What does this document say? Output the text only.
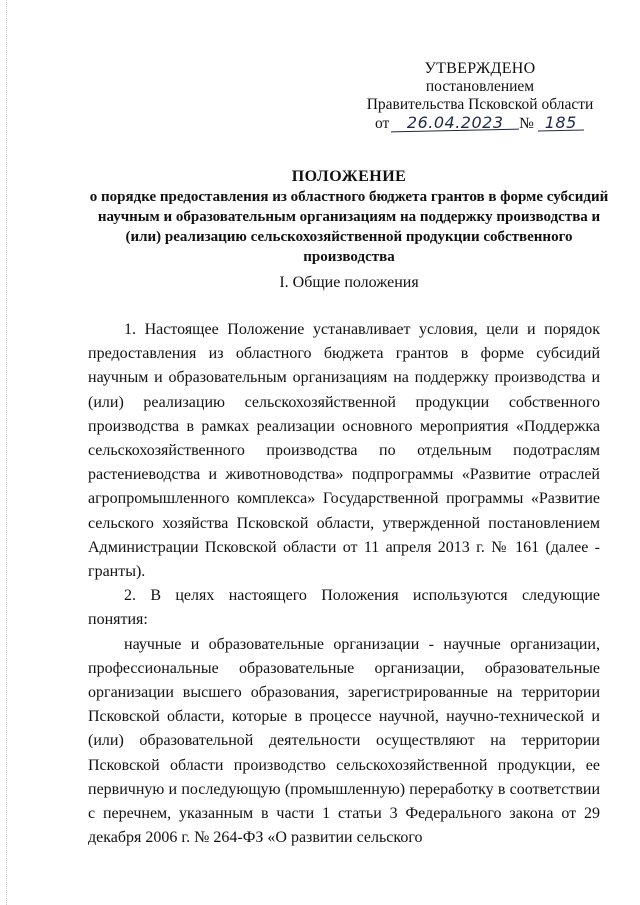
УТВЕРЖДЕНО
постановлением
Правительства Псковской области
от 26.04.2023 № 185
ПОЛОЖЕНИЕ
о порядке предоставления из областного бюджета грантов в форме субсидий научным и образовательным организациям на поддержку производства и (или) реализацию сельскохозяйственной продукции собственного производства
I. Общие положения

1. Настоящее Положение устанавливает условия, цели и порядок предоставления из областного бюджета грантов в форме субсидий научным и образовательным организациям на поддержку производства и (или) реализацию сельскохозяйственной продукции собственного производства в рамках реализации основного мероприятия «Поддержка сельскохозяйственного производства по отдельным подотраслям растениеводства и животноводства» подпрограммы «Развитие отраслей агропромышленного комплекса» Государственной программы «Развитие сельского хозяйства Псковской области, утвержденной постановлением Администрации Псковской области от 11 апреля 2013 г. № 161 (далее - гранты).

2. В целях настоящего Положения используются следующие понятия:

научные и образовательные организации - научные организации, профессиональные образовательные организации, образовательные организации высшего образования, зарегистрированные на территории Псковской области, которые в процессе научной, научно-технической и (или) образовательной деятельности осуществляют на территории Псковской области производство сельскохозяйственной продукции, ее первичную и последующую (промышленную) переработку в соответствии с перечнем, указанным в части 1 статьи 3 Федерального закона от 29 декабря 2006 г. № 264-ФЗ «О развитии сельского
